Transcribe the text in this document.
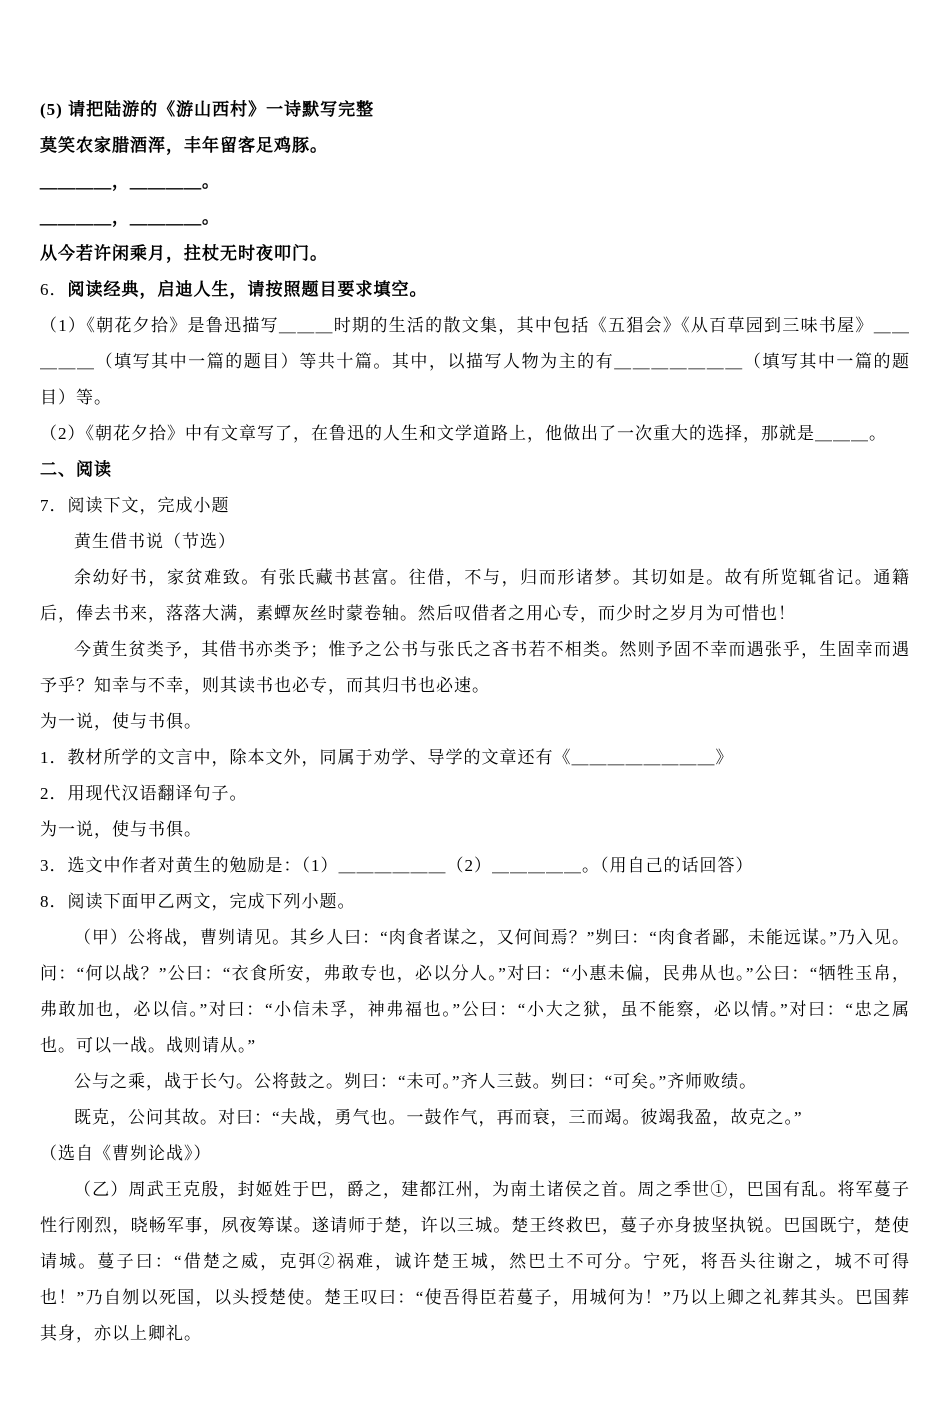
(5) 请把陆游的《游山西村》一诗默写完整

莫笑农家腊酒浑，丰年留客足鸡豚。

＿＿＿＿，＿＿＿＿。

＿＿＿＿，＿＿＿＿。

从今若许闲乘月，拄杖无时夜叩门。

6．阅读经典，启迪人生，请按照题目要求填空。

（1）《朝花夕拾》是鲁迅描写＿＿＿时期的生活的散文集，其中包括《五猖会》《从百草园到三味书屋》＿＿＿＿＿（填写其中一篇的题目）等共十篇。其中，以描写人物为主的有＿＿＿＿＿＿＿（填写其中一篇的题目）等。

（2）《朝花夕拾》中有文章写了，在鲁迅的人生和文学道路上，他做出了一次重大的选择，那就是＿＿＿。

二、阅读

7．阅读下文，完成小题

黄生借书说（节选）

余幼好书，家贫难致。有张氏藏书甚富。往借，不与，归而形诸梦。其切如是。故有所览辄省记。通籍后，俸去书来，落落大满，素蟫灰丝时蒙卷轴。然后叹借者之用心专，而少时之岁月为可惜也！

今黄生贫类予，其借书亦类予；惟予之公书与张氏之吝书若不相类。然则予固不幸而遇张乎，生固幸而遇予乎？知幸与不幸，则其读书也必专，而其归书也必速。

为一说，使与书俱。

1．教材所学的文言中，除本文外，同属于劝学、导学的文章还有《＿＿＿＿＿＿＿＿》

2．用现代汉语翻译句子。

为一说，使与书俱。

3．选文中作者对黄生的勉励是：（1）＿＿＿＿＿＿（2）＿＿＿＿＿。（用自己的话回答）

8．阅读下面甲乙两文，完成下列小题。

（甲）公将战，曹刿请见。其乡人曰：“肉食者谋之，又何间焉？”刿曰：“肉食者鄙，未能远谋。”乃入见。问：“何以战？”公曰：“衣食所安，弗敢专也，必以分人。”对曰：“小惠未偏，民弗从也。”公曰：“牺牲玉帛，弗敢加也，必以信。”对曰：“小信未孚，神弗福也。”公曰：“小大之狱，虽不能察，必以情。”对曰：“忠之属也。可以一战。战则请从。”

公与之乘，战于长勺。公将鼓之。刿曰：“未可。”齐人三鼓。刿曰：“可矣。”齐师败绩。

既克，公问其故。对曰：“夫战，勇气也。一鼓作气，再而衰，三而竭。彼竭我盈，故克之。”

（选自《曹刿论战》）

（乙）周武王克殷，封姬姓于巴，爵之，建都江州，为南土诸侯之首。周之季世①，巴国有乱。将军蔓子性行刚烈，晓畅军事，夙夜筹谋。遂请师于楚，许以三城。楚王终救巴，蔓子亦身披坚执锐。巴国既宁，楚使请城。蔓子曰：“借楚之威，克弭②祸难，诚许楚王城，然巴土不可分。宁死，将吾头往谢之，城不可得也！”乃自刎以死国，以头授楚使。楚王叹曰：“使吾得臣若蔓子，用城何为！”乃以上卿之礼葬其头。巴国葬其身，亦以上卿礼。
